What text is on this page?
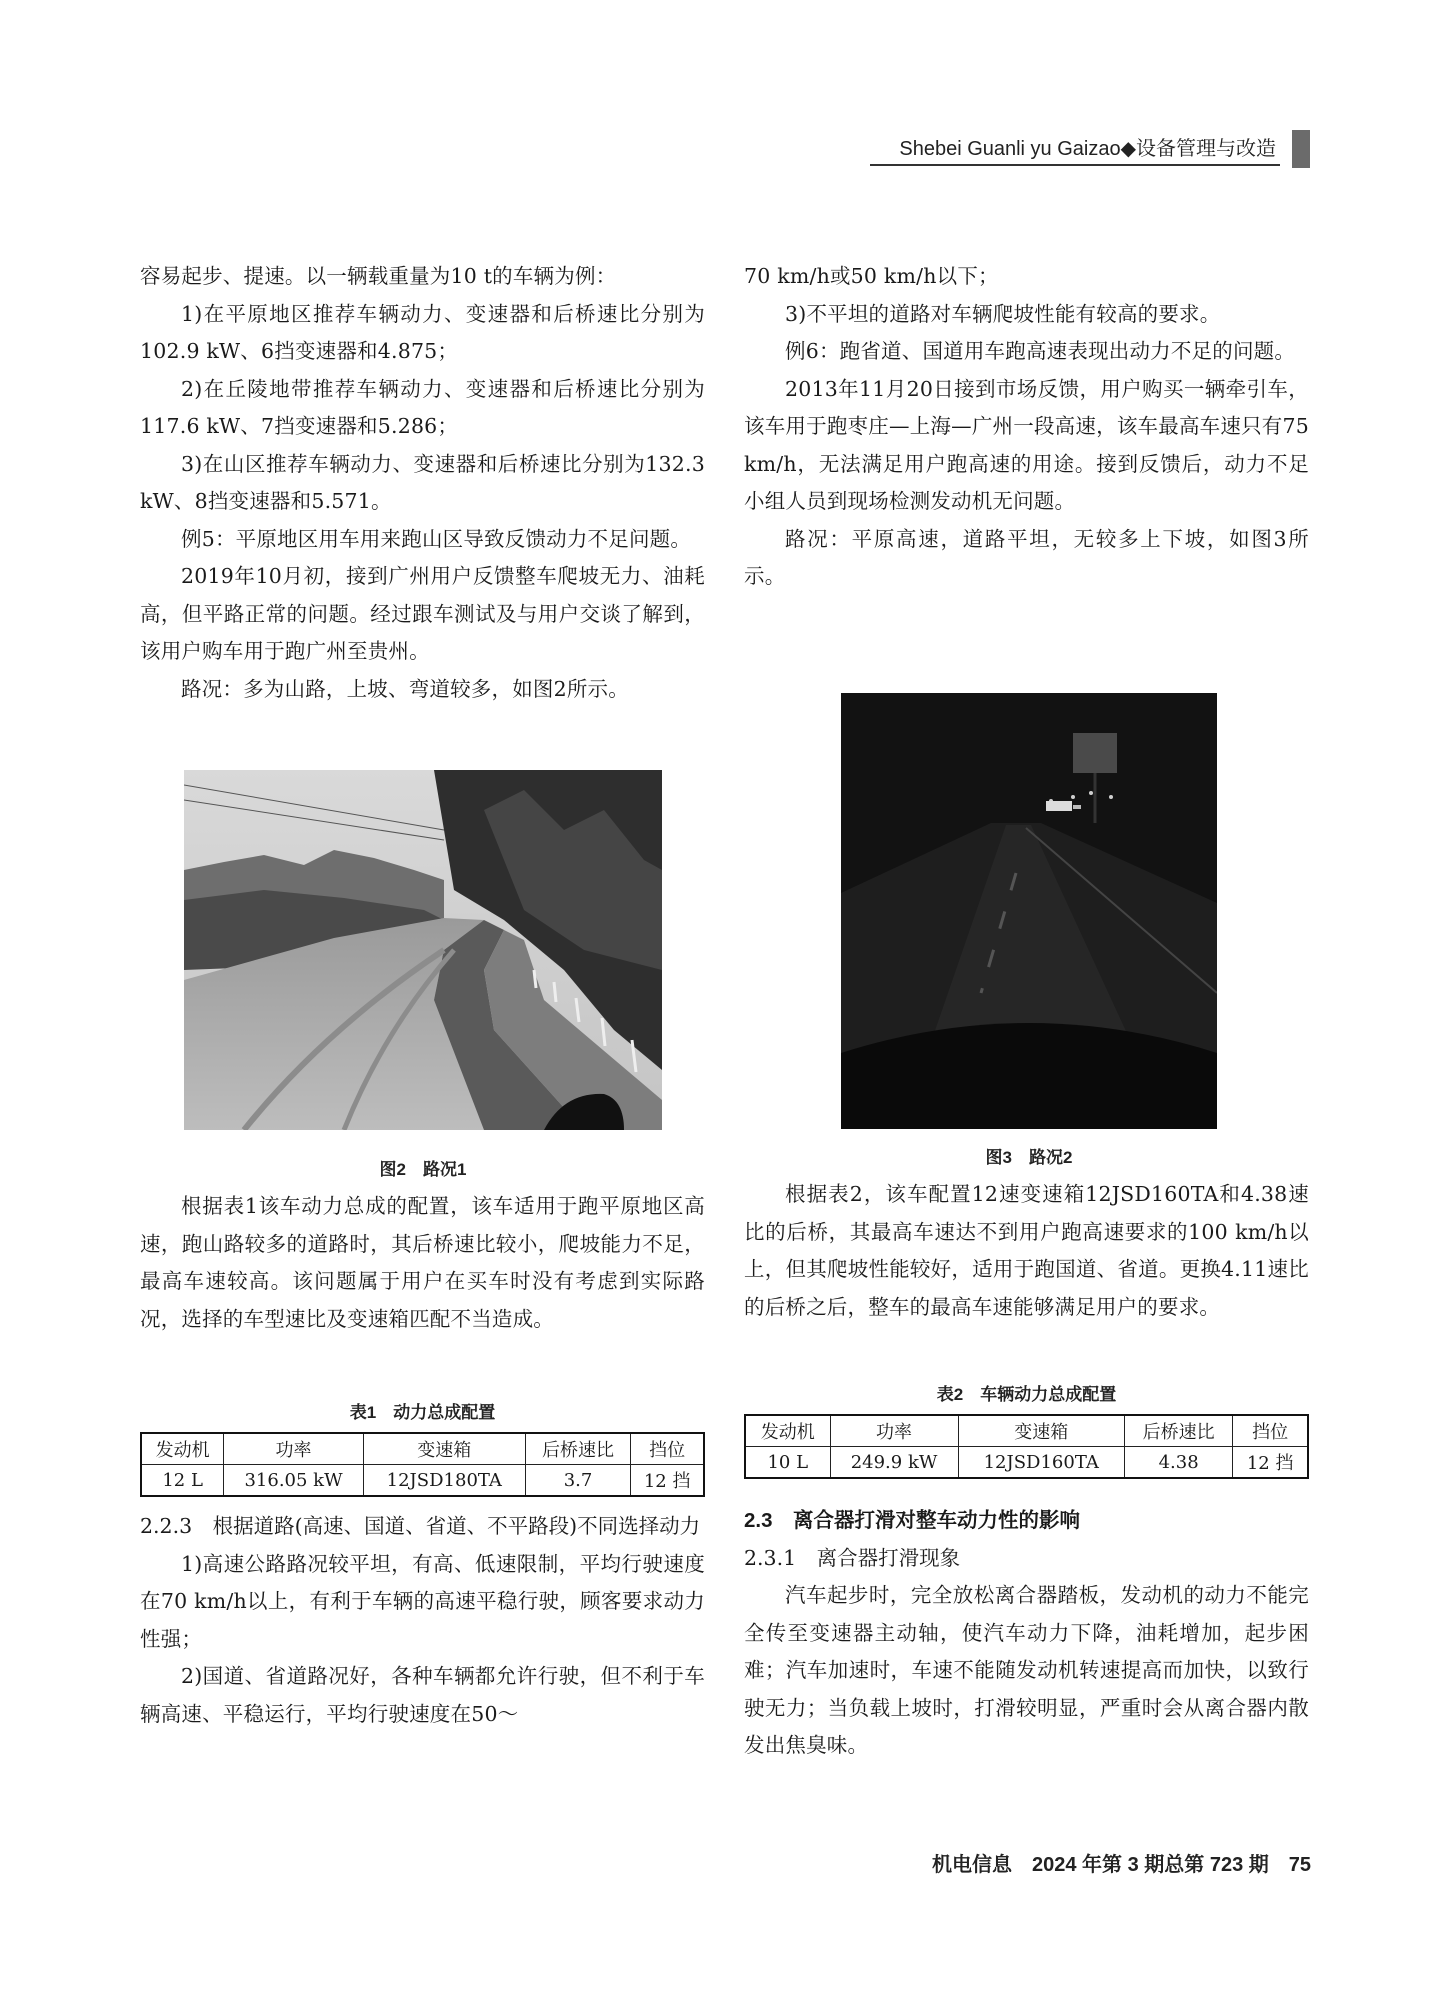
Shebei Guanli yu Gaizao◆设备管理与改造

容易起步、提速。以一辆载重量为10 t的车辆为例：

1)在平原地区推荐车辆动力、变速器和后桥速比分别为102.9 kW、6挡变速器和4.875；

2)在丘陵地带推荐车辆动力、变速器和后桥速比分别为117.6 kW、7挡变速器和5.286；

3)在山区推荐车辆动力、变速器和后桥速比分别为132.3 kW、8挡变速器和5.571。

例5：平原地区用车用来跑山区导致反馈动力不足问题。

2019年10月初，接到广州用户反馈整车爬坡无力、油耗高，但平路正常的问题。经过跟车测试及与用户交谈了解到，该用户购车用于跑广州至贵州。

路况：多为山路，上坡、弯道较多，如图2所示。

图2　路况1

根据表1该车动力总成的配置，该车适用于跑平原地区高速，跑山路较多的道路时，其后桥速比较小，爬坡能力不足，最高车速较高。该问题属于用户在买车时没有考虑到实际路况，选择的车型速比及变速箱匹配不当造成。

表1　动力总成配置
发动机	功率	变速箱	后桥速比	挡位
12 L	316.05 kW	12JSD180TA	3.7	12 挡

2.2.3　根据道路(高速、国道、省道、不平路段)不同选择动力

1)高速公路路况较平坦，有高、低速限制，平均行驶速度在70 km/h以上，有利于车辆的高速平稳行驶，顾客要求动力性强；

2)国道、省道路况好，各种车辆都允许行驶，但不利于车辆高速、平稳运行，平均行驶速度在50～

70 km/h或50 km/h以下；

3)不平坦的道路对车辆爬坡性能有较高的要求。

例6：跑省道、国道用车跑高速表现出动力不足的问题。

2013年11月20日接到市场反馈，用户购买一辆牵引车，该车用于跑枣庄—上海—广州一段高速，该车最高车速只有75 km/h，无法满足用户跑高速的用途。接到反馈后，动力不足小组人员到现场检测发动机无问题。

路况：平原高速，道路平坦，无较多上下坡，如图3所示。

图3　路况2

根据表2，该车配置12速变速箱12JSD160TA和4.38速比的后桥，其最高车速达不到用户跑高速要求的100 km/h以上，但其爬坡性能较好，适用于跑国道、省道。更换4.11速比的后桥之后，整车的最高车速能够满足用户的要求。

表2　车辆动力总成配置
发动机	功率	变速箱	后桥速比	挡位
10 L	249.9 kW	12JSD160TA	4.38	12 挡

2.3　离合器打滑对整车动力性的影响

2.3.1　离合器打滑现象

汽车起步时，完全放松离合器踏板，发动机的动力不能完全传至变速器主动轴，使汽车动力下降，油耗增加，起步困难；汽车加速时，车速不能随发动机转速提高而加快，以致行驶无力；当负载上坡时，打滑较明显，严重时会从离合器内散发出焦臭味。

机电信息　2024 年第 3 期总第 723 期　75
